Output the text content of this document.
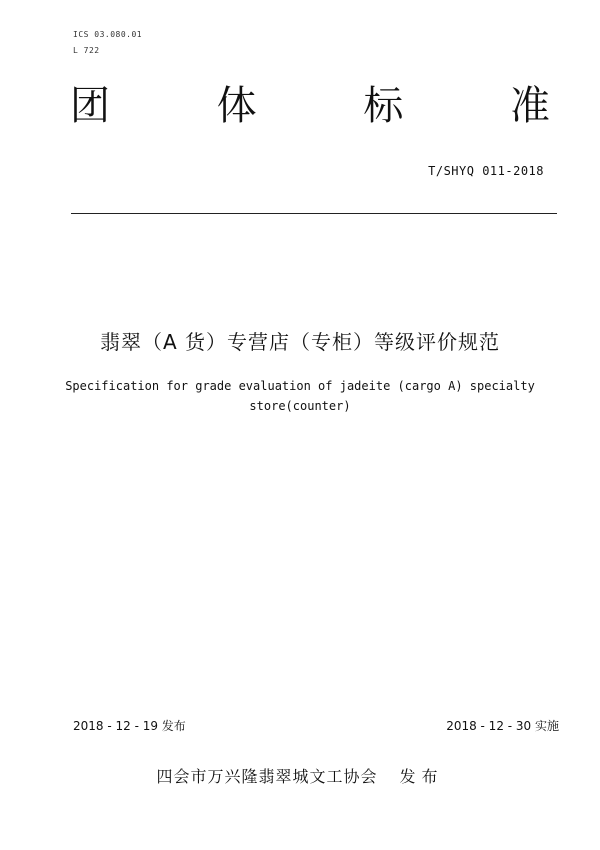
ICS 03.080.01
L 722
团	体	标	准
T/SHYQ 011-2018
翡翠（A 货）专营店（专柜）等级评价规范
Specification for grade evaluation of jadeite (cargo A) specialty
store(counter)
2018 - 12 - 19 发布	2018 - 12 - 30 实施
四会市万兴隆翡翠城文工协会 发布
